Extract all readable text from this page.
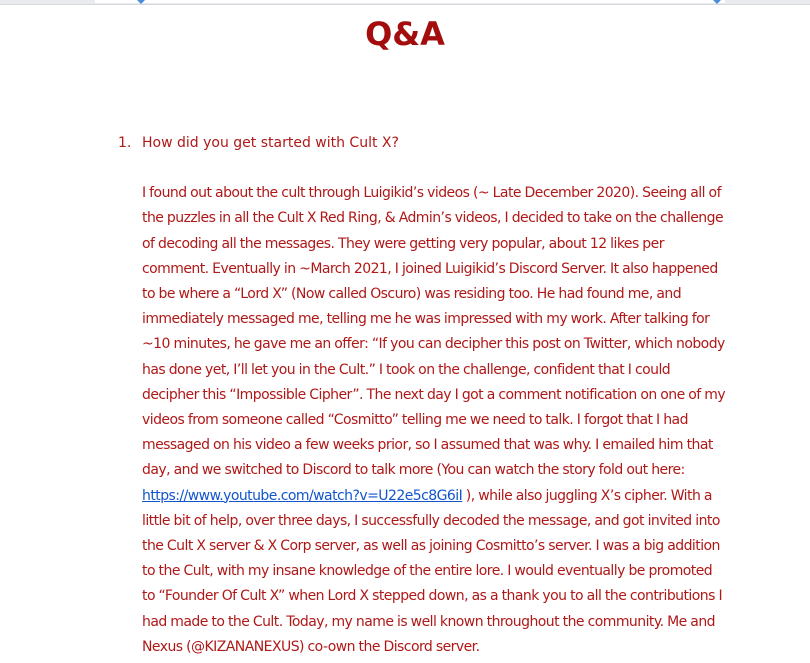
Q&A
1. How did you get started with Cult X?

I found out about the cult through Luigikid’s videos (~ Late December 2020). Seeing all of the puzzles in all the Cult X Red Ring, & Admin’s videos, I decided to take on the challenge of decoding all the messages. They were getting very popular, about 12 likes per comment. Eventually in ~March 2021, I joined Luigikid’s Discord Server. It also happened to be where a “Lord X” (Now called Oscuro) was residing too. He had found me, and immediately messaged me, telling me he was impressed with my work. After talking for ~10 minutes, he gave me an offer: “If you can decipher this post on Twitter, which nobody has done yet, I’ll let you in the Cult.” I took on the challenge, confident that I could decipher this “Impossible Cipher”. The next day I got a comment notification on one of my videos from someone called “Cosmitto” telling me we need to talk. I forgot that I had messaged on his video a few weeks prior, so I assumed that was why. I emailed him that day, and we switched to Discord to talk more (You can watch the story fold out here: https://www.youtube.com/watch?v=U22e5c8G6iI ), while also juggling X’s cipher. With a little bit of help, over three days, I successfully decoded the message, and got invited into the Cult X server & X Corp server, as well as joining Cosmitto’s server. I was a big addition to the Cult, with my insane knowledge of the entire lore. I would eventually be promoted to “Founder Of Cult X” when Lord X stepped down, as a thank you to all the contributions I had made to the Cult. Today, my name is well known throughout the community. Me and Nexus (@KIZANANEXUS) co-own the Discord server.
